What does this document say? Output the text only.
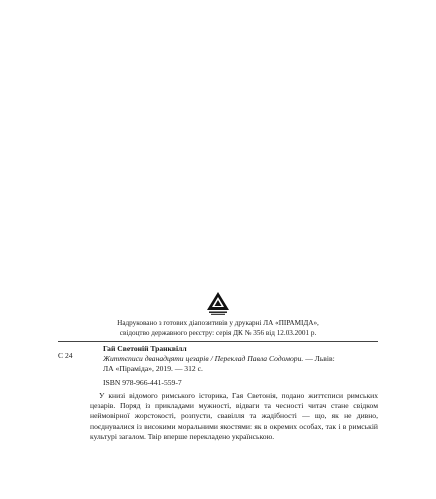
Надруковано з готових діапозитивів у друкарні ЛА «ПІРАМІДА»,
свідоцтво державного реєстру: серія ДК № 356 від 12.03.2001 р.
С 24

Гай Светоній Транквілл

Життєписи дванадцяти цезарів / Переклад Павла Содомори. — Львів:

ЛА «Піраміда», 2019. — 312 с.

ISBN 978-966-441-559-7

У книзі відомого римського історика, Гая Светонія, подано життєписи римських цезарів. Поряд із прикладами мужності, відваги та чесності читач стане свідком неймовірної жорстокості, розпусти, свавілля та жадібності — що, як не дивно, поєднувалися із високими моральними якостями: як в окремих особах, так і в римській культурі загалом. Твір вперше перекладено українською.
